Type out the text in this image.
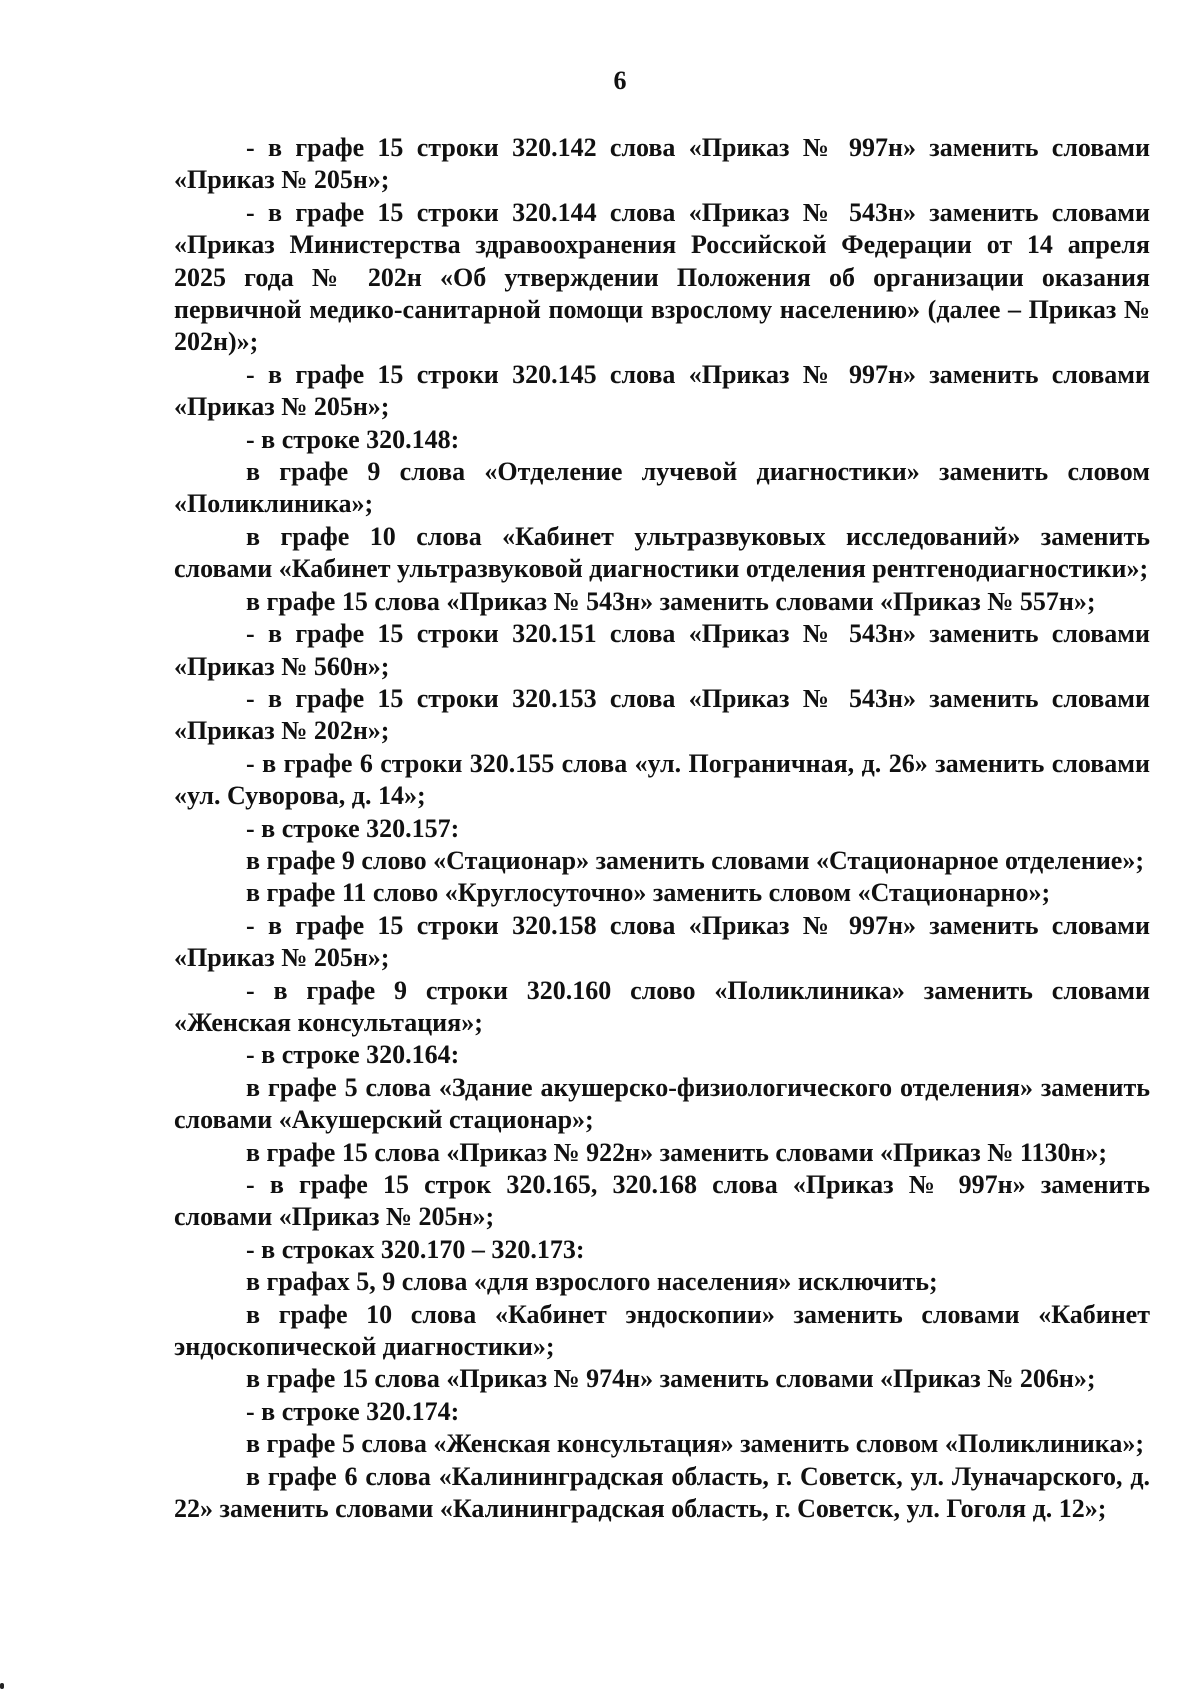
6

- в графе 15 строки 320.142 слова «Приказ № 997н» заменить словами «Приказ № 205н»;

- в графе 15 строки 320.144 слова «Приказ № 543н» заменить словами «Приказ Министерства здравоохранения Российской Федерации от 14 апреля 2025 года № 202н «Об утверждении Положения об организации оказания первичной медико-санитарной помощи взрослому населению» (далее – Приказ № 202н)»;

- в графе 15 строки 320.145 слова «Приказ № 997н» заменить словами «Приказ № 205н»;

- в строке 320.148:

в графе 9 слова «Отделение лучевой диагностики» заменить словом «Поликлиника»;

в графе 10 слова «Кабинет ультразвуковых исследований» заменить словами «Кабинет ультразвуковой диагностики отделения рентгенодиагностики»;

в графе 15 слова «Приказ № 543н» заменить словами «Приказ № 557н»;

- в графе 15 строки 320.151 слова «Приказ № 543н» заменить словами «Приказ № 560н»;

- в графе 15 строки 320.153 слова «Приказ № 543н» заменить словами «Приказ № 202н»;

- в графе 6 строки 320.155 слова «ул. Пограничная, д. 26» заменить словами «ул. Суворова, д. 14»;

- в строке 320.157:

в графе 9 слово «Стационар» заменить словами «Стационарное отделение»;

в графе 11 слово «Круглосуточно» заменить словом «Стационарно»;

- в графе 15 строки 320.158 слова «Приказ № 997н» заменить словами «Приказ № 205н»;

- в графе 9 строки 320.160 слово «Поликлиника» заменить словами «Женская консультация»;

- в строке 320.164:

в графе 5 слова «Здание акушерско-физиологического отделения» заменить словами «Акушерский стационар»;

в графе 15 слова «Приказ № 922н» заменить словами «Приказ № 1130н»;

- в графе 15 строк 320.165, 320.168 слова «Приказ № 997н» заменить словами «Приказ № 205н»;

- в строках 320.170 – 320.173:

в графах 5, 9 слова «для взрослого населения» исключить;

в графе 10 слова «Кабинет эндоскопии» заменить словами «Кабинет эндоскопической диагностики»;

в графе 15 слова «Приказ № 974н» заменить словами «Приказ № 206н»;

- в строке 320.174:

в графе 5 слова «Женская консультация» заменить словом «Поликлиника»;

в графе 6 слова «Калининградская область, г. Советск, ул. Луначарского, д. 22» заменить словами «Калининградская область, г. Советск, ул. Гоголя д. 12»;
